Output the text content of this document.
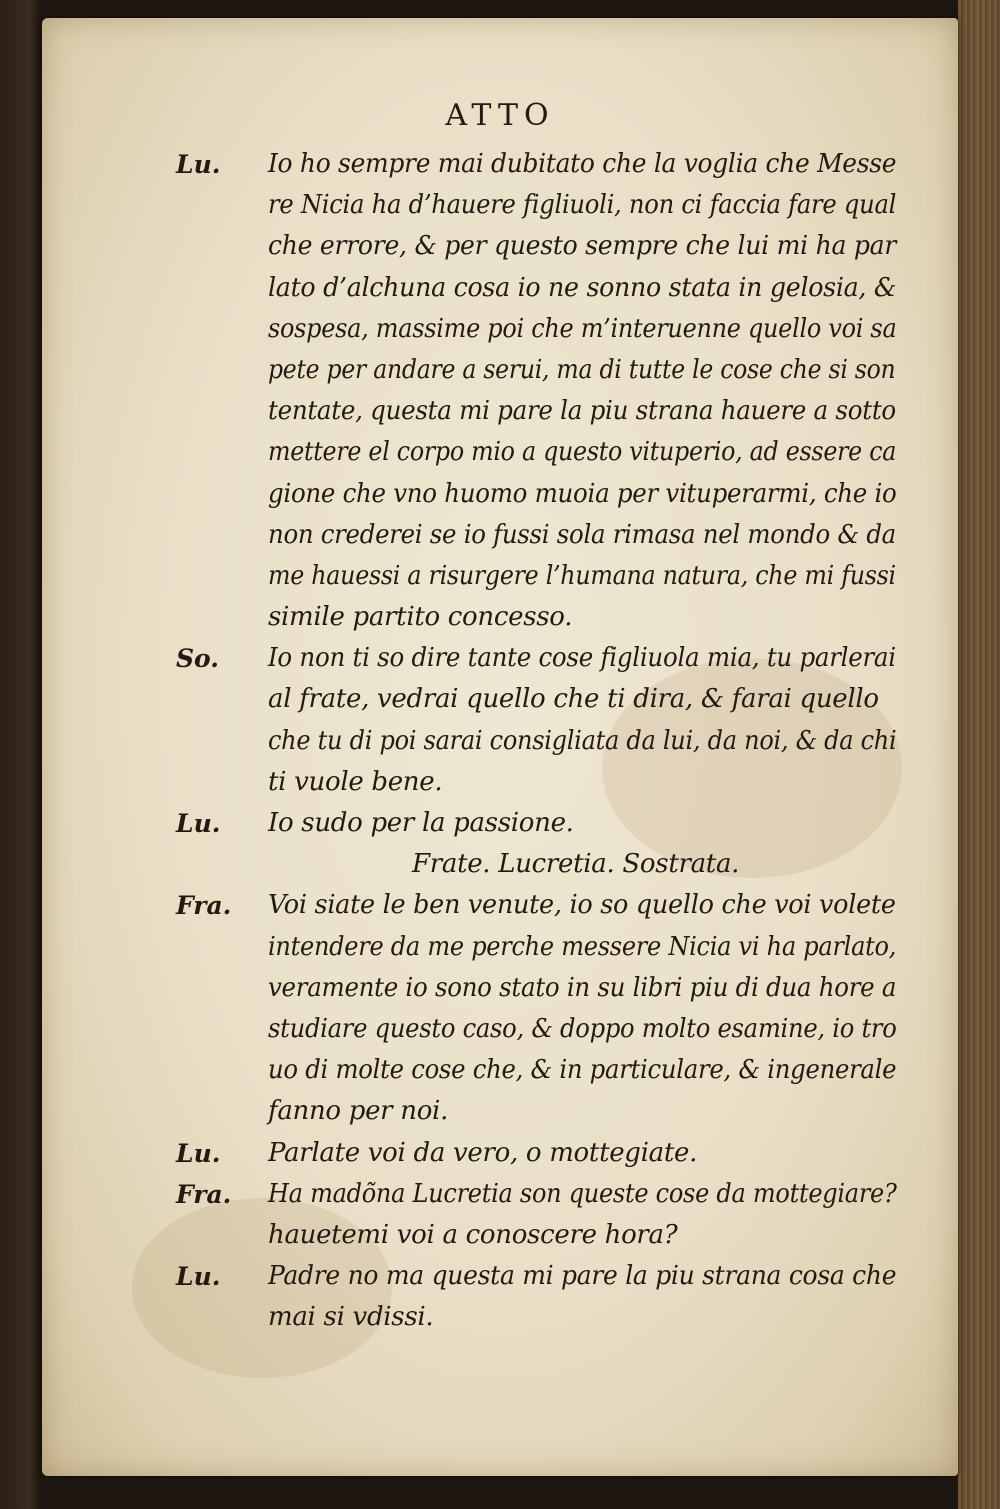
ATTO
Lu. Io ho sempre mai dubitato che la voglia che Messe
re Nicia ha d’hauere figliuoli, non ci faccia fare qual
che errore, & per questo sempre che lui mi ha par
lato d’alchuna cosa io ne sonno stata in gelosia, &
sospesa, massime poi che m’interuenne quello voi sa
pete per andare a serui, ma di tutte le cose che si son
tentate, questa mi pare la piu strana hauere a sotto
mettere el corpo mio a questo vituperio, ad essere ca
gione che vno huomo muoia per vituperarmi, che io
non crederei se io fussi sola rimasa nel mondo & da
me hauessi a risurgere l’humana natura, che mi fussi
simile partito concesso.
So. Io non ti so dire tante cose figliuola mia, tu parlerai
al frate, vedrai quello che ti dira, & farai quello
che tu di poi sarai consigliata da lui, da noi, & da chi
ti vuole bene.
Lu. Io sudo per la passione.
Frate. Lucretia. Sostrata.
Fra. Voi siate le ben venute, io so quello che voi volete
intendere da me perche messere Nicia vi ha parlato,
veramente io sono stato in su libri piu di dua hore a
studiare questo caso, & doppo molto esamine, io tro
uo di molte cose che, & in particulare, & ingenerale
fanno per noi.
Lu. Parlate voi da vero, o mottegiate.
Fra. Ha madõna Lucretia son queste cose da mottegiare?
hauetemi voi a conoscere hora?
Lu. Padre no ma questa mi pare la piu strana cosa che
mai si vdissi.
